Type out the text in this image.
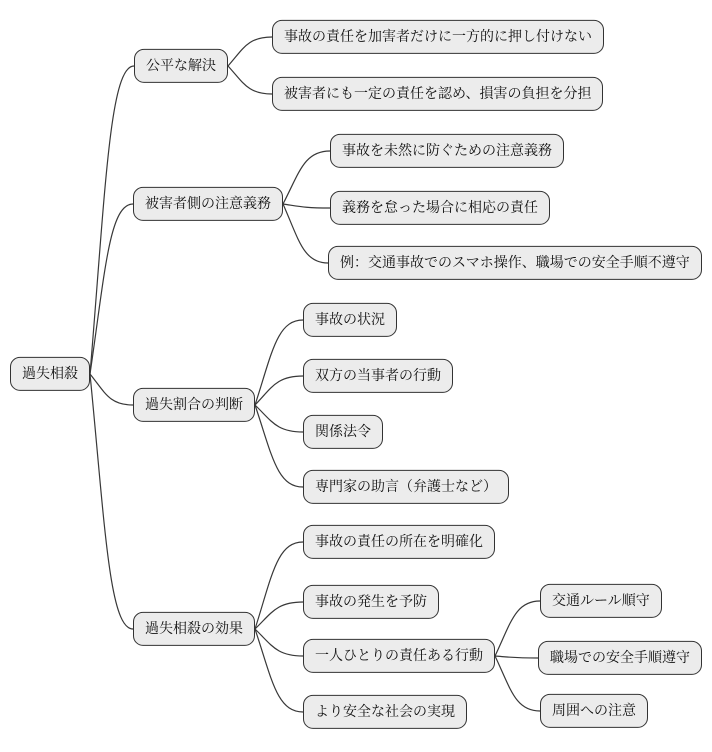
過失相殺
公平な解決
事故の責任を加害者だけに一方的に押し付けない
被害者にも一定の責任を認め、損害の負担を分担
被害者側の注意義務
事故を未然に防ぐための注意義務
義務を怠った場合に相応の責任
例：交通事故でのスマホ操作、職場での安全手順不遵守
過失割合の判断
事故の状況
双方の当事者の行動
関係法令
専門家の助言（弁護士など）
過失相殺の効果
事故の責任の所在を明確化
事故の発生を予防
一人ひとりの責任ある行動
交通ルール順守
職場での安全手順遵守
周囲への注意
より安全な社会の実現
